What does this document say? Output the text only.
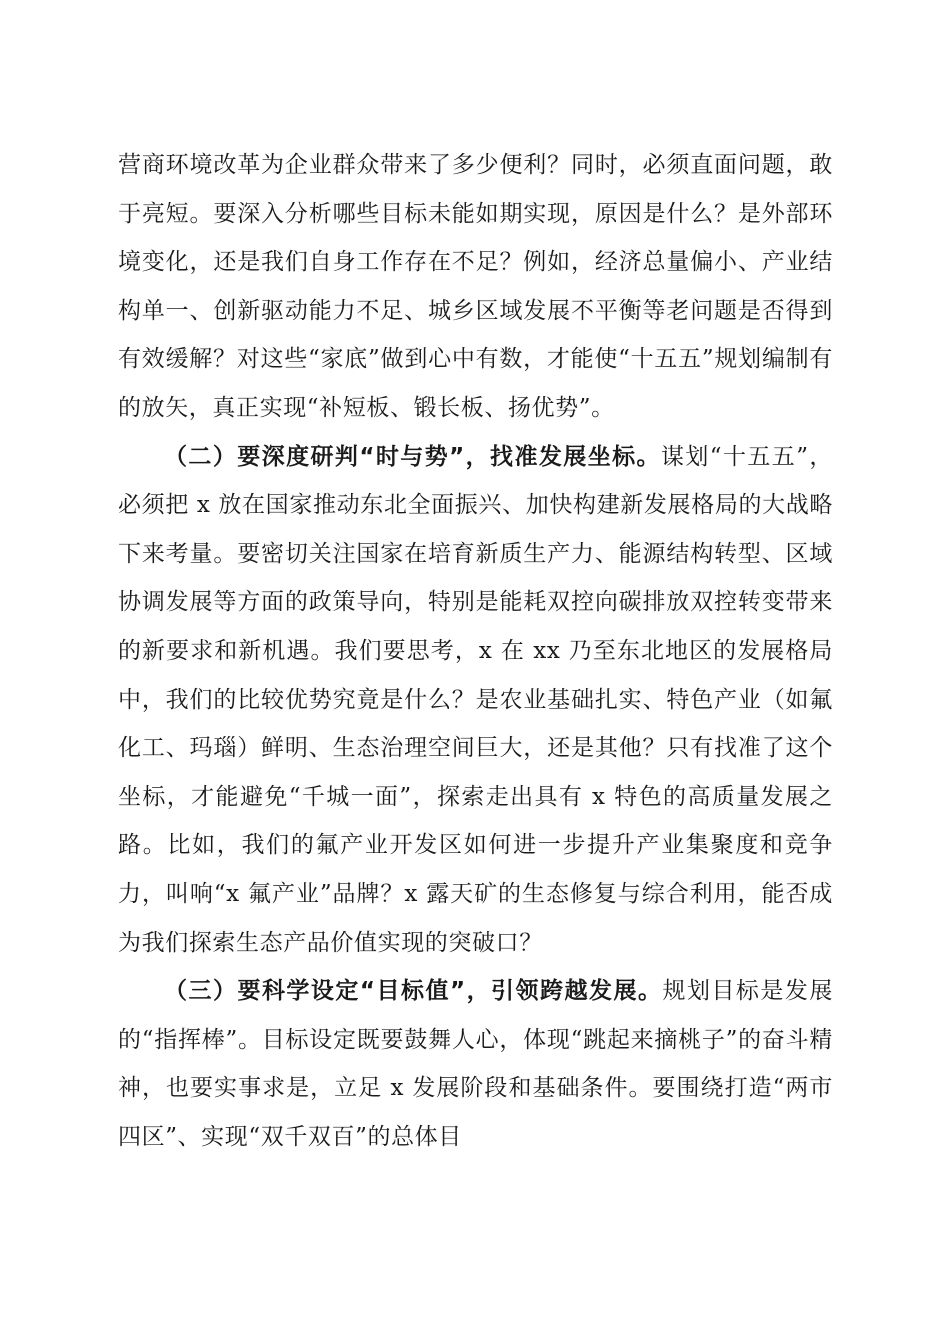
营商环境改革为企业群众带来了多少便利？同时，必须直面问题，敢于亮短。要深入分析哪些目标未能如期实现，原因是什么？是外部环境变化，还是我们自身工作存在不足？例如，经济总量偏小、产业结构单一、创新驱动能力不足、城乡区域发展不平衡等老问题是否得到有效缓解？对这些“家底”做到心中有数，才能使“十五五”规划编制有的放矢，真正实现“补短板、锻长板、扬优势”。

（二）要深度研判“时与势”，找准发展坐标。谋划“十五五”，必须把 x 放在国家推动东北全面振兴、加快构建新发展格局的大战略下来考量。要密切关注国家在培育新质生产力、能源结构转型、区域协调发展等方面的政策导向，特别是能耗双控向碳排放双控转变带来的新要求和新机遇。我们要思考，x 在 xx 乃至东北地区的发展格局中，我们的比较优势究竟是什么？是农业基础扎实、特色产业（如氟化工、玛瑙）鲜明、生态治理空间巨大，还是其他？只有找准了这个坐标，才能避免“千城一面”，探索走出具有 x 特色的高质量发展之路。比如，我们的氟产业开发区如何进一步提升产业集聚度和竞争力，叫响“x 氟产业”品牌？x 露天矿的生态修复与综合利用，能否成为我们探索生态产品价值实现的突破口？

（三）要科学设定“目标值”，引领跨越发展。规划目标是发展的“指挥棒”。目标设定既要鼓舞人心，体现“跳起来摘桃子”的奋斗精神，也要实事求是，立足 x 发展阶段和基础条件。要围绕打造“两市四区”、实现“双千双百”的总体目
